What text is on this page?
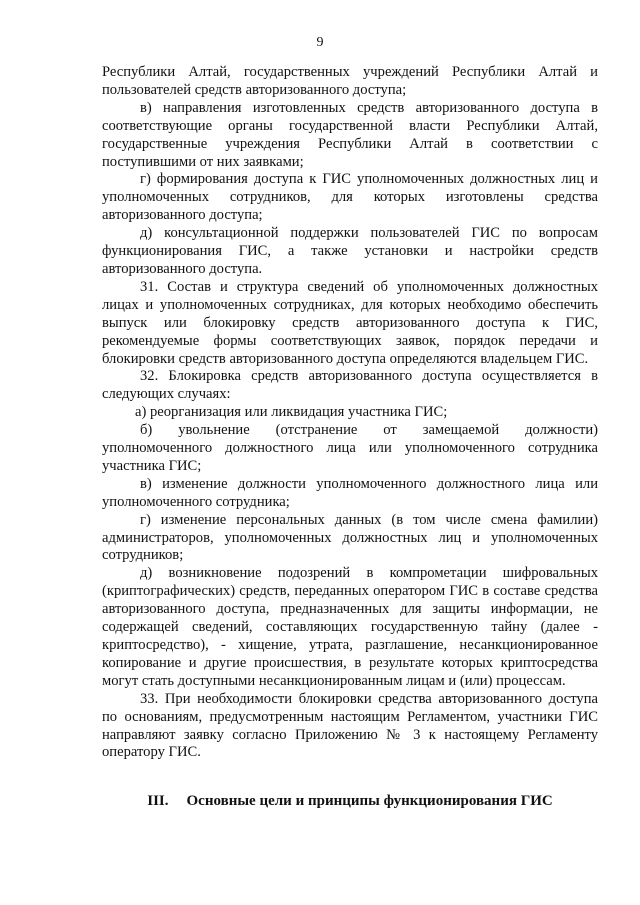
9

Республики Алтай, государственных учреждений Республики Алтай и пользователей средств авторизованного доступа;

в) направления изготовленных средств авторизованного доступа в соответствующие органы государственной власти Республики Алтай, государственные учреждения Республики Алтай в соответствии с поступившими от них заявками;

г) формирования доступа к ГИС уполномоченных должностных лиц и уполномоченных сотрудников, для которых изготовлены средства авторизованного доступа;

д) консультационной поддержки пользователей ГИС по вопросам функционирования ГИС, а также установки и настройки средств авторизованного доступа.

31. Состав и структура сведений об уполномоченных должностных лицах и уполномоченных сотрудниках, для которых необходимо обеспечить выпуск или блокировку средств авторизованного доступа к ГИС, рекомендуемые формы соответствующих заявок, порядок передачи и блокировки средств авторизованного доступа определяются владельцем ГИС.

32. Блокировка средств авторизованного доступа осуществляется в следующих случаях:

а) реорганизация или ликвидация участника ГИС;

б) увольнение (отстранение от замещаемой должности) уполномоченного должностного лица или уполномоченного сотрудника участника ГИС;

в) изменение должности уполномоченного должностного лица или уполномоченного сотрудника;

г) изменение персональных данных (в том числе смена фамилии) администраторов, уполномоченных должностных лиц и уполномоченных сотрудников;

д) возникновение подозрений в компрометации шифровальных (криптографических) средств, переданных оператором ГИС в составе средства авторизованного доступа, предназначенных для защиты информации, не содержащей сведений, составляющих государственную тайну (далее - криптосредство), - хищение, утрата, разглашение, несанкционированное копирование и другие происшествия, в результате которых криптосредства могут стать доступными несанкционированным лицам и (или) процессам.

33. При необходимости блокировки средства авторизованного доступа по основаниям, предусмотренным настоящим Регламентом, участники ГИС направляют заявку согласно Приложению № 3 к настоящему Регламенту оператору ГИС.

III. Основные цели и принципы функционирования ГИС
